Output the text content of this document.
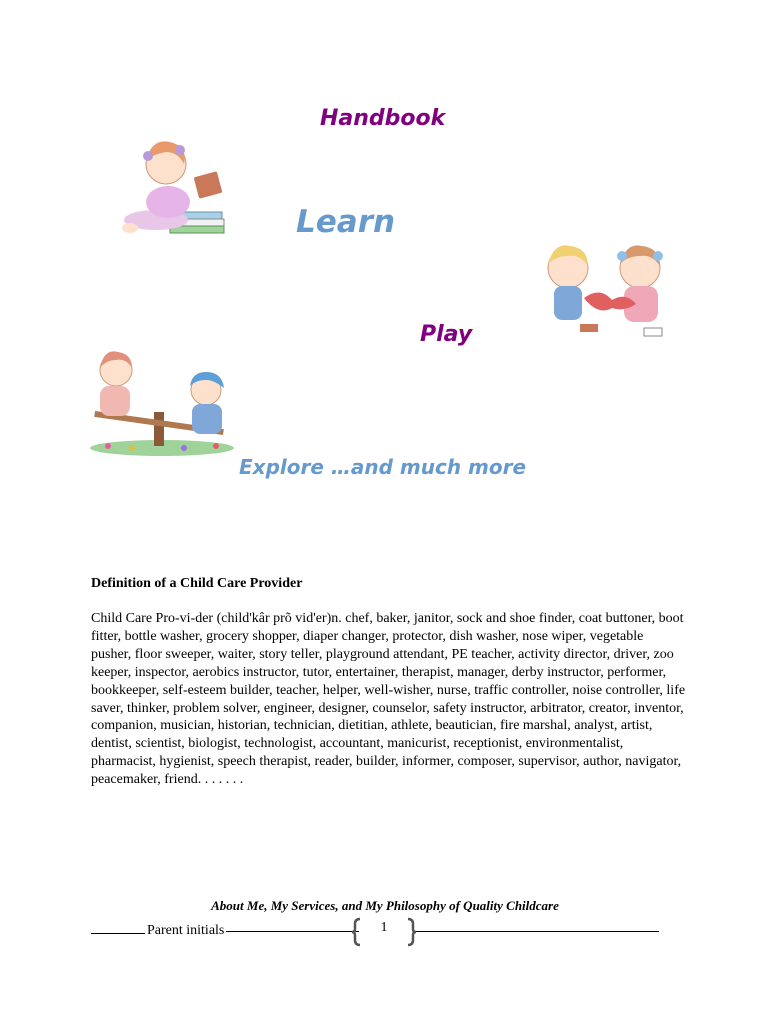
Handbook
Learn
Play
Explore …and much more
Definition of a Child Care Provider

Child Care Pro-vi-der (child'kâr prõ vid'er)n. chef, baker, janitor, sock and shoe finder, coat buttoner, boot fitter, bottle washer, grocery shopper, diaper changer, protector, dish washer, nose wiper, vegetable pusher, floor sweeper, waiter, story teller, playground attendant, PE teacher, activity director, driver, zoo keeper, inspector, aerobics instructor, tutor, entertainer, therapist, manager, derby instructor, performer, bookkeeper, self-esteem builder, teacher, helper, well-wisher, nurse, traffic controller, noise controller, life saver, thinker, problem solver, engineer, designer, counselor, safety instructor, arbitrator, creator, inventor, companion, musician, historian, technician, dietitian, athlete, beautician, fire marshal, analyst, artist, dentist, scientist, biologist, technologist, accountant, manicurist, receptionist, environmentalist, pharmacist, hygienist, speech therapist, reader, builder, informer, composer, supervisor, author, navigator, peacemaker, friend. . . . . . .

About Me, My Services, and My Philosophy of Quality Childcare
Parent initials	1
